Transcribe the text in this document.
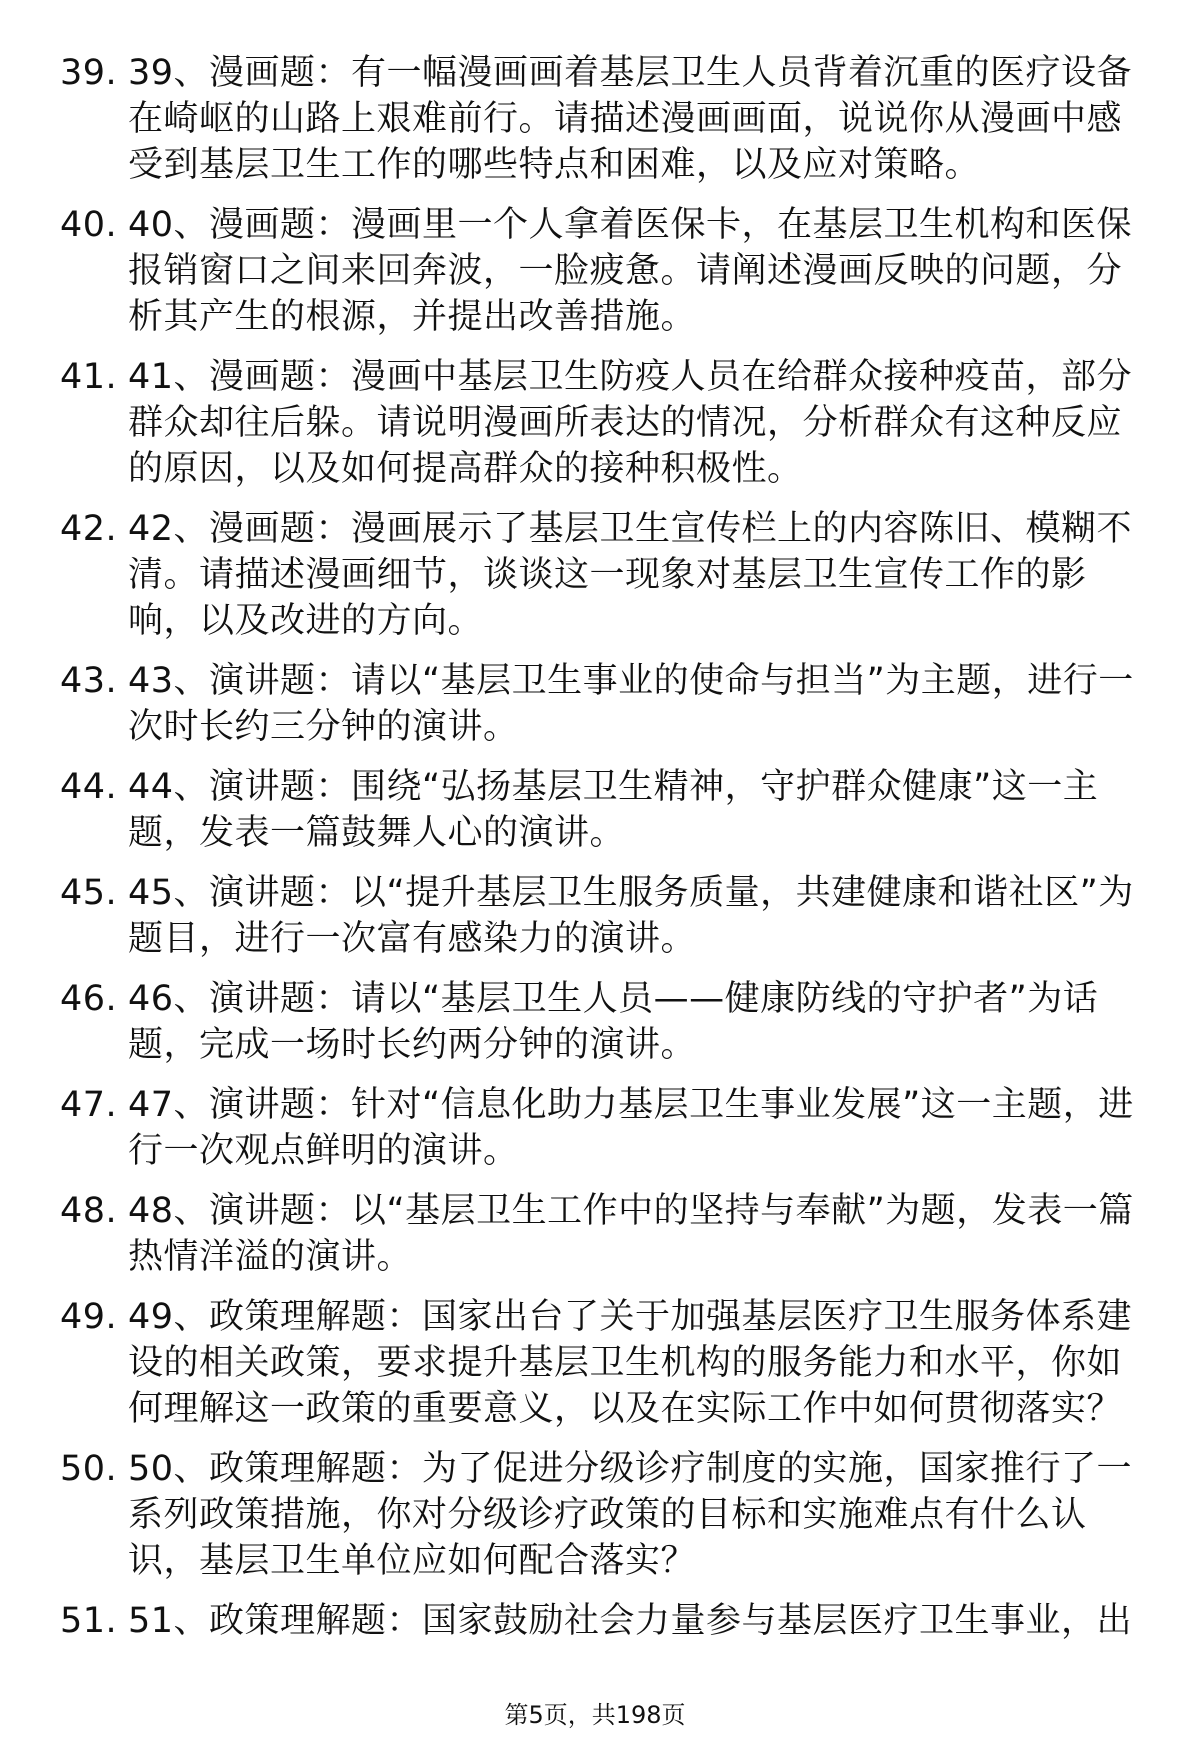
39. 39、漫画题：有一幅漫画画着基层卫生人员背着沉重的医疗设备在崎岖的山路上艰难前行。请描述漫画画面，说说你从漫画中感受到基层卫生工作的哪些特点和困难，以及应对策略。
40. 40、漫画题：漫画里一个人拿着医保卡，在基层卫生机构和医保报销窗口之间来回奔波，一脸疲惫。请阐述漫画反映的问题，分析其产生的根源，并提出改善措施。
41. 41、漫画题：漫画中基层卫生防疫人员在给群众接种疫苗，部分群众却往后躲。请说明漫画所表达的情况，分析群众有这种反应的原因，以及如何提高群众的接种积极性。
42. 42、漫画题：漫画展示了基层卫生宣传栏上的内容陈旧、模糊不清。请描述漫画细节，谈谈这一现象对基层卫生宣传工作的影响，以及改进的方向。
43. 43、演讲题：请以“基层卫生事业的使命与担当”为主题，进行一次时长约三分钟的演讲。
44. 44、演讲题：围绕“弘扬基层卫生精神，守护群众健康”这一主题，发表一篇鼓舞人心的演讲。
45. 45、演讲题：以“提升基层卫生服务质量，共建健康和谐社区”为题目，进行一次富有感染力的演讲。
46. 46、演讲题：请以“基层卫生人员——健康防线的守护者”为话题，完成一场时长约两分钟的演讲。
47. 47、演讲题：针对“信息化助力基层卫生事业发展”这一主题，进行一次观点鲜明的演讲。
48. 48、演讲题：以“基层卫生工作中的坚持与奉献”为题，发表一篇热情洋溢的演讲。
49. 49、政策理解题：国家出台了关于加强基层医疗卫生服务体系建设的相关政策，要求提升基层卫生机构的服务能力和水平，你如何理解这一政策的重要意义，以及在实际工作中如何贯彻落实？
50. 50、政策理解题：为了促进分级诊疗制度的实施，国家推行了一系列政策措施，你对分级诊疗政策的目标和实施难点有什么认识，基层卫生单位应如何配合落实？
51. 51、政策理解题：国家鼓励社会力量参与基层医疗卫生事业，出
第5页，共198页
